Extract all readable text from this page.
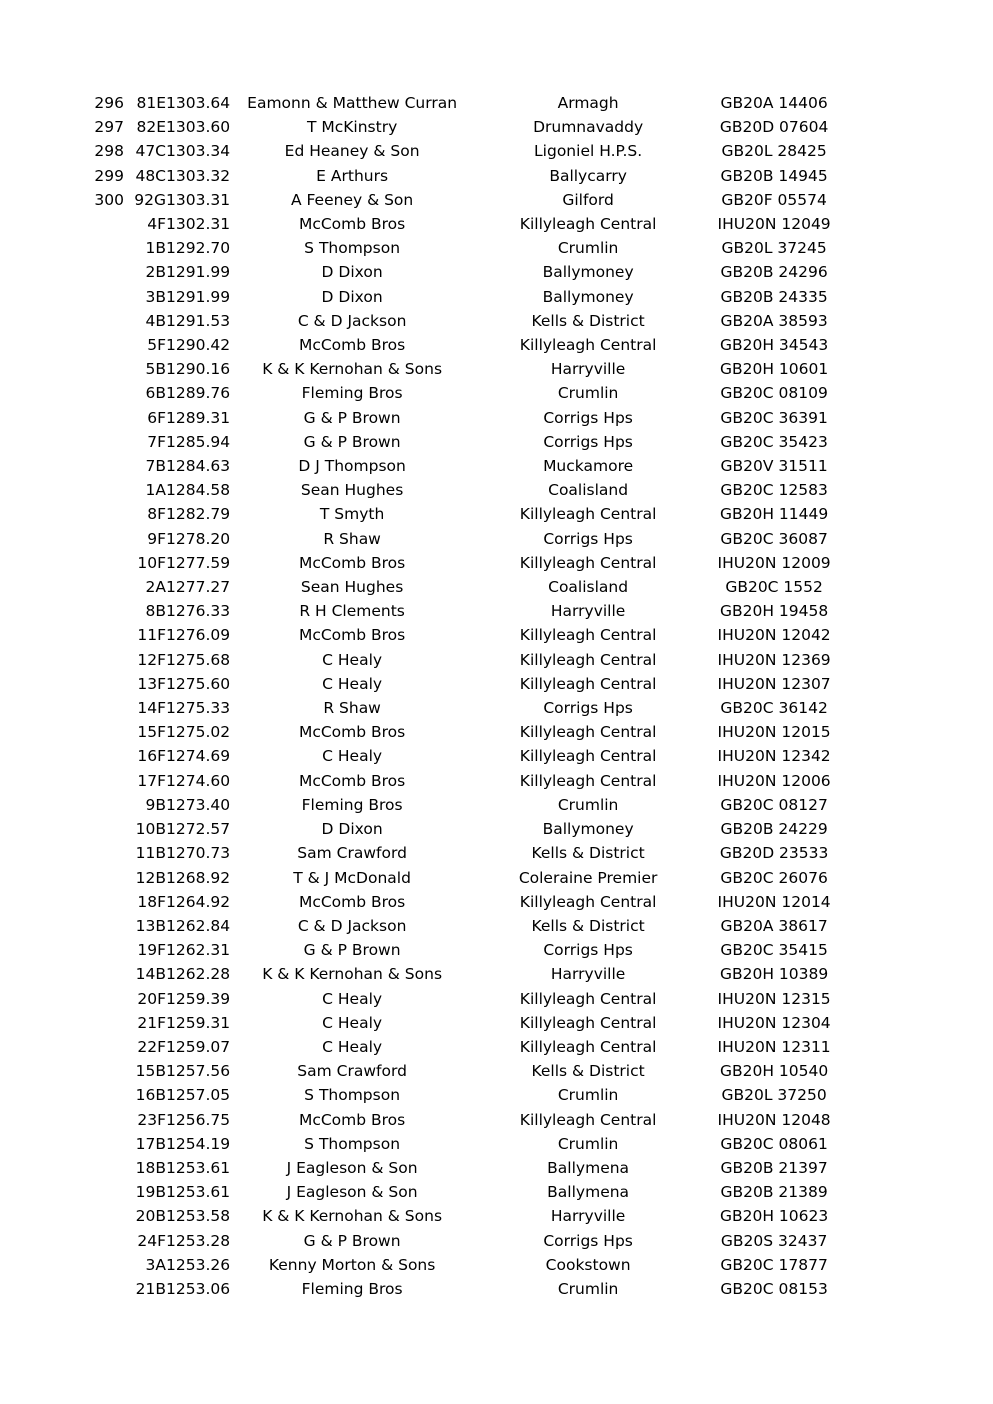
296	81E	1303.64	Eamonn & Matthew Curran	Armagh	GB20A 14406
297	82E	1303.60	T McKinstry	Drumnavaddy	GB20D 07604
298	47C	1303.34	Ed Heaney & Son	Ligoniel H.P.S.	GB20L 28425
299	48C	1303.32	E Arthurs	Ballycarry	GB20B 14945
300	92G	1303.31	A Feeney & Son	Gilford	GB20F 05574
	4F	1302.31	McComb Bros	Killyleagh Central	IHU20N 12049
	1B	1292.70	S Thompson	Crumlin	GB20L 37245
	2B	1291.99	D Dixon	Ballymoney	GB20B 24296
	3B	1291.99	D Dixon	Ballymoney	GB20B 24335
	4B	1291.53	C & D Jackson	Kells & District	GB20A 38593
	5F	1290.42	McComb Bros	Killyleagh Central	GB20H 34543
	5B	1290.16	K & K Kernohan & Sons	Harryville	GB20H 10601
	6B	1289.76	Fleming Bros	Crumlin	GB20C 08109
	6F	1289.31	G & P Brown	Corrigs Hps	GB20C 36391
	7F	1285.94	G & P Brown	Corrigs Hps	GB20C 35423
	7B	1284.63	D J Thompson	Muckamore	GB20V 31511
	1A	1284.58	Sean Hughes	Coalisland	GB20C 12583
	8F	1282.79	T Smyth	Killyleagh Central	GB20H 11449
	9F	1278.20	R Shaw	Corrigs Hps	GB20C 36087
	10F	1277.59	McComb Bros	Killyleagh Central	IHU20N 12009
	2A	1277.27	Sean Hughes	Coalisland	GB20C 1552
	8B	1276.33	R H Clements	Harryville	GB20H 19458
	11F	1276.09	McComb Bros	Killyleagh Central	IHU20N 12042
	12F	1275.68	C Healy	Killyleagh Central	IHU20N 12369
	13F	1275.60	C Healy	Killyleagh Central	IHU20N 12307
	14F	1275.33	R Shaw	Corrigs Hps	GB20C 36142
	15F	1275.02	McComb Bros	Killyleagh Central	IHU20N 12015
	16F	1274.69	C Healy	Killyleagh Central	IHU20N 12342
	17F	1274.60	McComb Bros	Killyleagh Central	IHU20N 12006
	9B	1273.40	Fleming Bros	Crumlin	GB20C 08127
	10B	1272.57	D Dixon	Ballymoney	GB20B 24229
	11B	1270.73	Sam Crawford	Kells & District	GB20D 23533
	12B	1268.92	T & J McDonald	Coleraine Premier	GB20C 26076
	18F	1264.92	McComb Bros	Killyleagh Central	IHU20N 12014
	13B	1262.84	C & D Jackson	Kells & District	GB20A 38617
	19F	1262.31	G & P Brown	Corrigs Hps	GB20C 35415
	14B	1262.28	K & K Kernohan & Sons	Harryville	GB20H 10389
	20F	1259.39	C Healy	Killyleagh Central	IHU20N 12315
	21F	1259.31	C Healy	Killyleagh Central	IHU20N 12304
	22F	1259.07	C Healy	Killyleagh Central	IHU20N 12311
	15B	1257.56	Sam Crawford	Kells & District	GB20H 10540
	16B	1257.05	S Thompson	Crumlin	GB20L 37250
	23F	1256.75	McComb Bros	Killyleagh Central	IHU20N 12048
	17B	1254.19	S Thompson	Crumlin	GB20C 08061
	18B	1253.61	J Eagleson & Son	Ballymena	GB20B 21397
	19B	1253.61	J Eagleson & Son	Ballymena	GB20B 21389
	20B	1253.58	K & K Kernohan & Sons	Harryville	GB20H 10623
	24F	1253.28	G & P Brown	Corrigs Hps	GB20S 32437
	3A	1253.26	Kenny Morton & Sons	Cookstown	GB20C 17877
	21B	1253.06	Fleming Bros	Crumlin	GB20C 08153
